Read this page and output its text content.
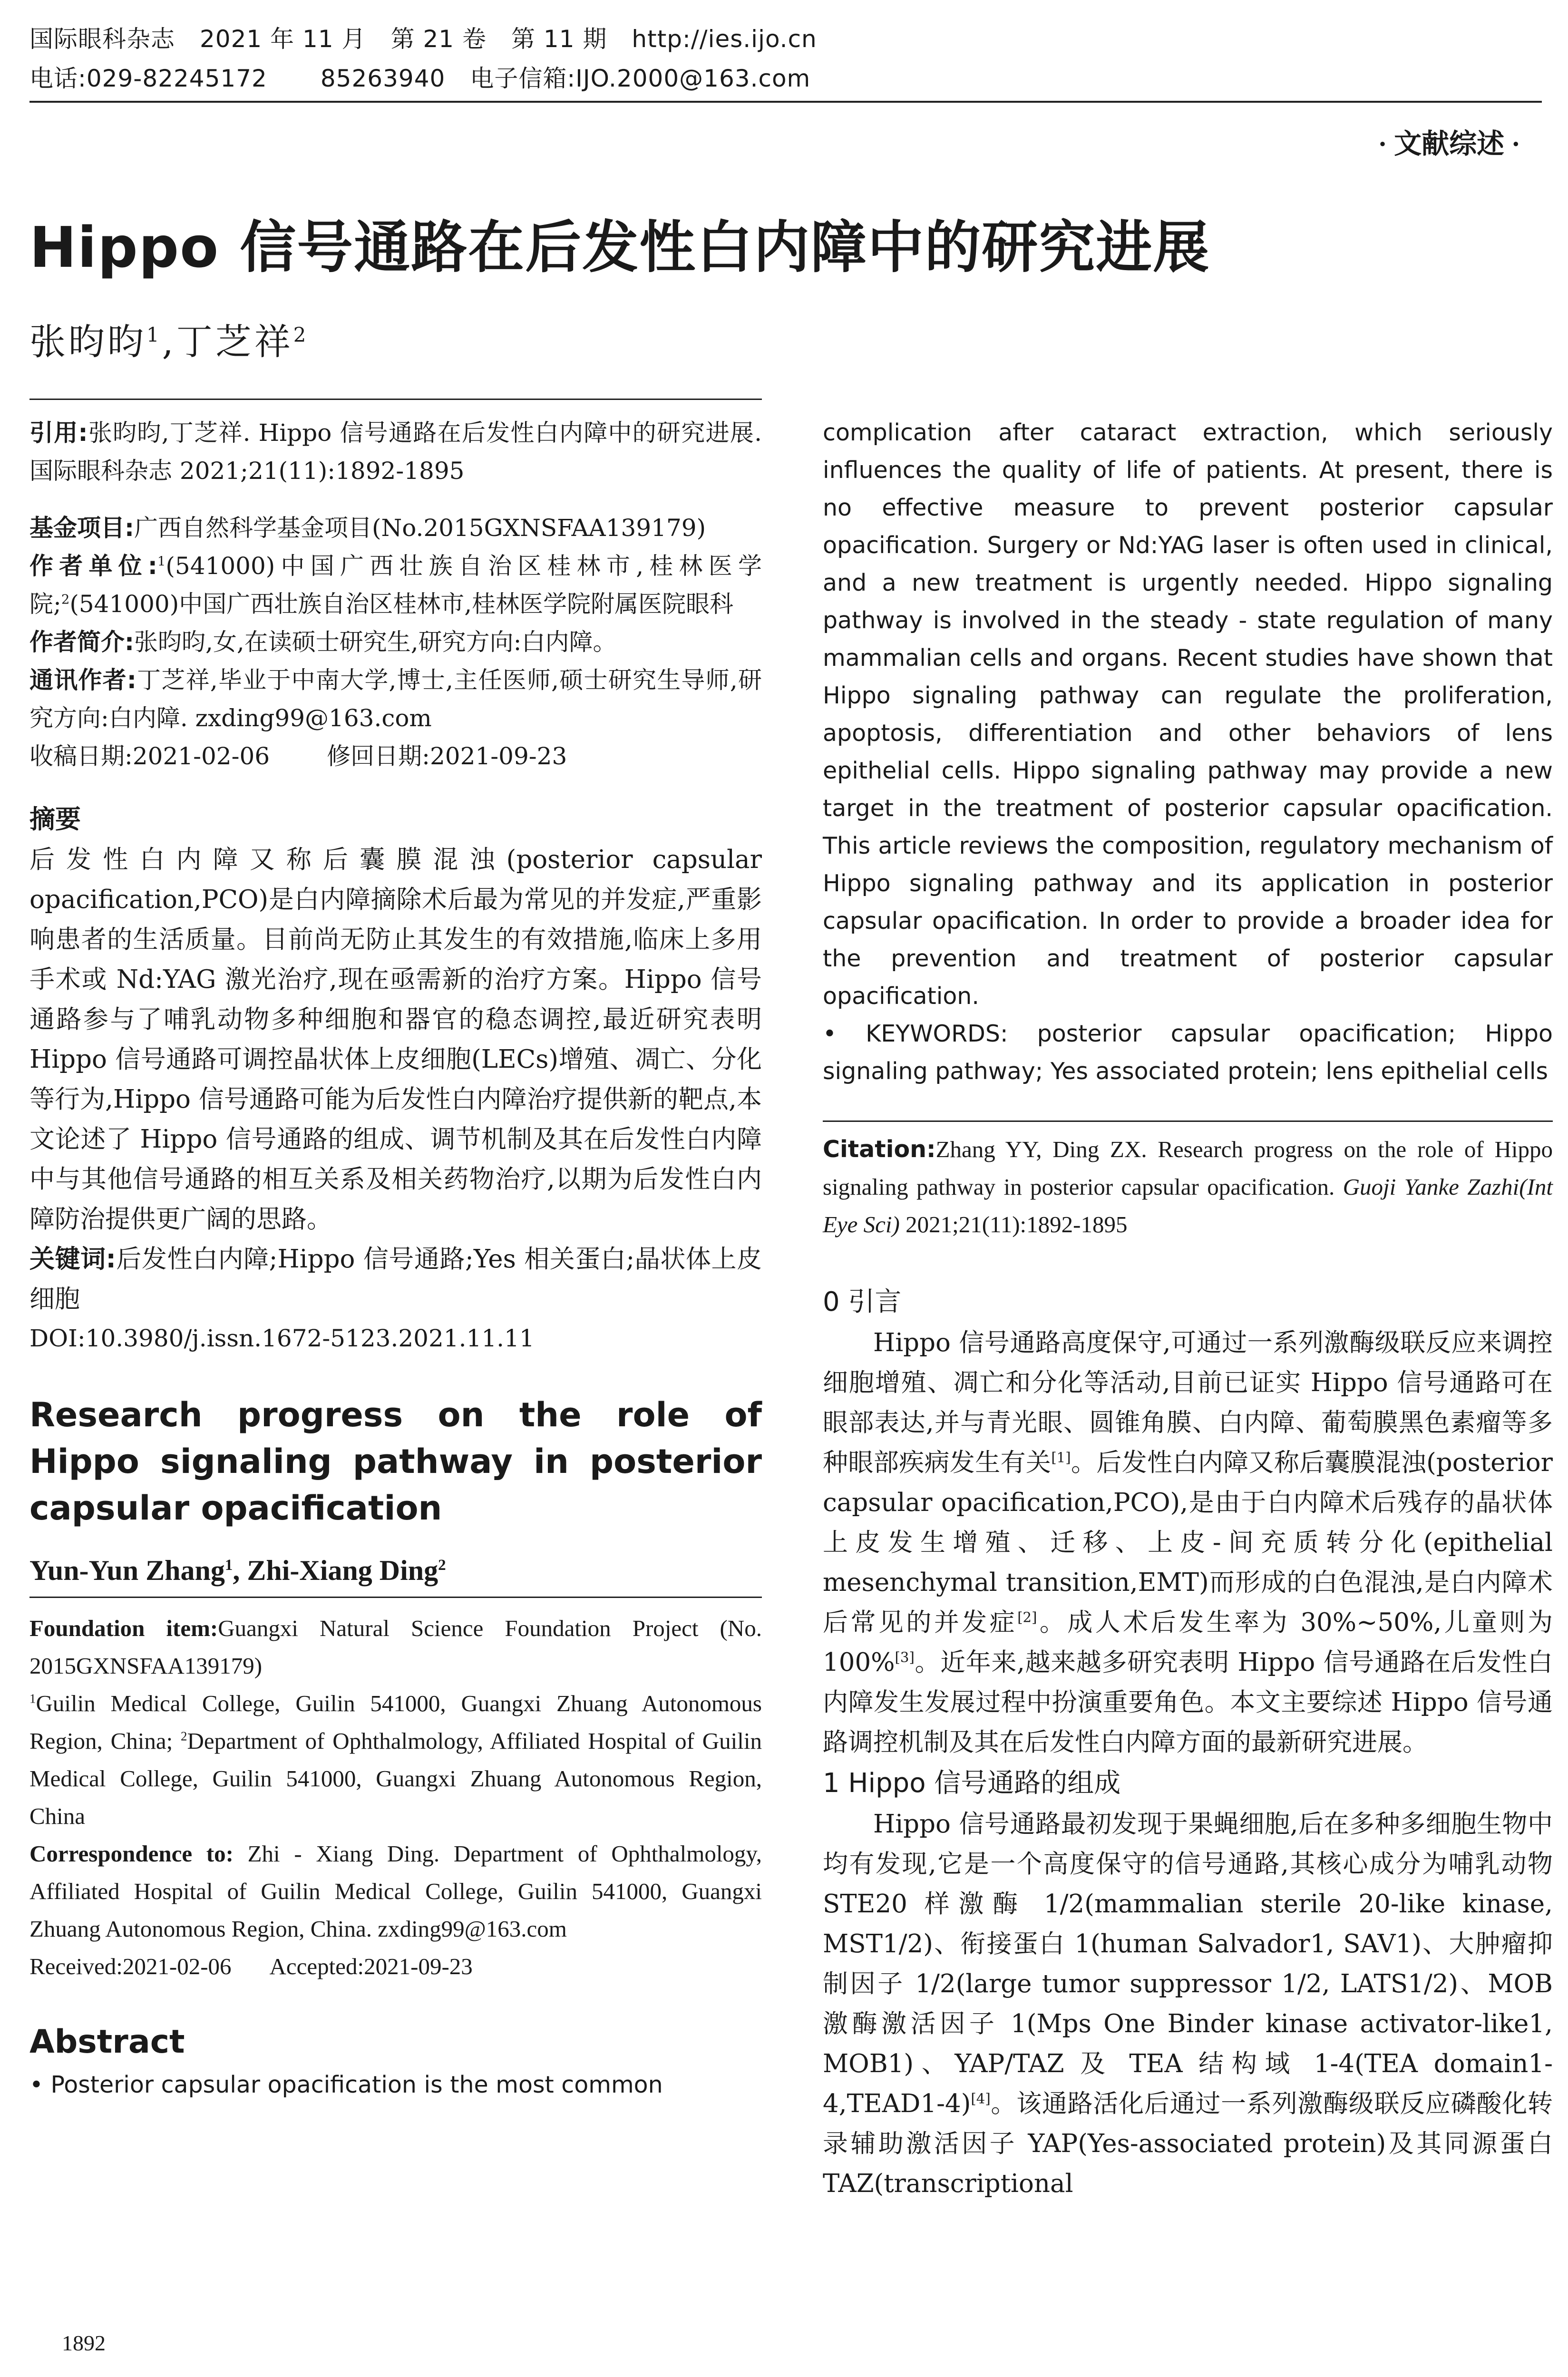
国际眼科杂志 2021 年 11 月 第 21 卷 第 11 期 http://ies.ijo.cn
电话:029-82245172 85263940 电子信箱:IJO.2000@163.com
· 文献综述 ·
Hippo 信号通路在后发性白内障中的研究进展
张昀昀$^1$,丁芝祥$^2$

引用:张昀昀,丁芝祥. Hippo 信号通路在后发性白内障中的研究进展. 国际眼科杂志 2021;21(11):1892-1895

基金项目:广西自然科学基金项目(No.2015GXNSFAA139179)

作者单位:$^1$(541000)中国广西壮族自治区桂林市,桂林医学院;$^2$(541000)中国广西壮族自治区桂林市,桂林医学院附属医院眼科

作者简介:张昀昀,女,在读硕士研究生,研究方向:白内障。

通讯作者:丁芝祥,毕业于中南大学,博士,主任医师,硕士研究生导师,研究方向:白内障. zxding99@163.com

收稿日期:2021-02-06 修回日期:2021-09-23

摘要

后发性白内障又称后囊膜混浊(posterior capsular opacification,PCO)是白内障摘除术后最为常见的并发症,严重影响患者的生活质量。目前尚无防止其发生的有效措施,临床上多用手术或 Nd:YAG 激光治疗,现在亟需新的治疗方案。Hippo 信号通路参与了哺乳动物多种细胞和器官的稳态调控,最近研究表明 Hippo 信号通路可调控晶状体上皮细胞(LECs)增殖、凋亡、分化等行为,Hippo 信号通路可能为后发性白内障治疗提供新的靶点,本文论述了 Hippo 信号通路的组成、调节机制及其在后发性白内障中与其他信号通路的相互关系及相关药物治疗,以期为后发性白内障防治提供更广阔的思路。

关键词:后发性白内障;Hippo 信号通路;Yes 相关蛋白;晶状体上皮细胞

DOI:10.3980/j.issn.1672-5123.2021.11.11

Research progress on the role of Hippo signaling pathway in posterior capsular opacification

Yun-Yun Zhang$^1$, Zhi-Xiang Ding$^2$

Foundation item:Guangxi Natural Science Foundation Project (No. 2015GXNSFAA139179)

$^1$Guilin Medical College, Guilin 541000, Guangxi Zhuang Autonomous Region, China; $^2$Department of Ophthalmology, Affiliated Hospital of Guilin Medical College, Guilin 541000, Guangxi Zhuang Autonomous Region, China

Correspondence to: Zhi - Xiang Ding. Department of Ophthalmology, Affiliated Hospital of Guilin Medical College, Guilin 541000, Guangxi Zhuang Autonomous Region, China. zxding99@163.com

Received:2021-02-06 Accepted:2021-09-23

Abstract

• Posterior capsular opacification is the most common

complication after cataract extraction, which seriously influences the quality of life of patients. At present, there is no effective measure to prevent posterior capsular opacification. Surgery or Nd:YAG laser is often used in clinical, and a new treatment is urgently needed. Hippo signaling pathway is involved in the steady - state regulation of many mammalian cells and organs. Recent studies have shown that Hippo signaling pathway can regulate the proliferation, apoptosis, differentiation and other behaviors of lens epithelial cells. Hippo signaling pathway may provide a new target in the treatment of posterior capsular opacification. This article reviews the composition, regulatory mechanism of Hippo signaling pathway and its application in posterior capsular opacification. In order to provide a broader idea for the prevention and treatment of posterior capsular opacification.

• KEYWORDS: posterior capsular opacification; Hippo signaling pathway; Yes associated protein; lens epithelial cells

Citation:Zhang YY, Ding ZX. Research progress on the role of Hippo signaling pathway in posterior capsular opacification. Guoji Yanke Zazhi(Int Eye Sci) 2021;21(11):1892-1895

0 引言

Hippo 信号通路高度保守,可通过一系列激酶级联反应来调控细胞增殖、凋亡和分化等活动,目前已证实 Hippo 信号通路可在眼部表达,并与青光眼、圆锥角膜、白内障、葡萄膜黑色素瘤等多种眼部疾病发生有关[1]。后发性白内障又称后囊膜混浊(posterior capsular opacification,PCO),是由于白内障术后残存的晶状体上皮发生增殖、迁移、上皮-间充质转分化(epithelial mesenchymal transition,EMT)而形成的白色混浊,是白内障术后常见的并发症[2]。成人术后发生率为 30%~50%,儿童则为 100%[3]。近年来,越来越多研究表明 Hippo 信号通路在后发性白内障发生发展过程中扮演重要角色。本文主要综述 Hippo 信号通路调控机制及其在后发性白内障方面的最新研究进展。

1 Hippo 信号通路的组成

Hippo 信号通路最初发现于果蝇细胞,后在多种多细胞生物中均有发现,它是一个高度保守的信号通路,其核心成分为哺乳动物 STE20 样激酶 1/2(mammalian sterile 20-like kinase, MST1/2)、衔接蛋白 1(human Salvador1, SAV1)、大肿瘤抑制因子 1/2(large tumor suppressor 1/2, LATS1/2)、MOB 激酶激活因子 1(Mps One Binder kinase activator-like1, MOB1)、YAP/TAZ 及 TEA 结构域 1-4(TEA domain1-4,TEAD1-4)[4]。该通路活化后通过一系列激酶级联反应磷酸化转录辅助激活因子 YAP(Yes-associated protein)及其同源蛋白 TAZ(transcriptional

1892
